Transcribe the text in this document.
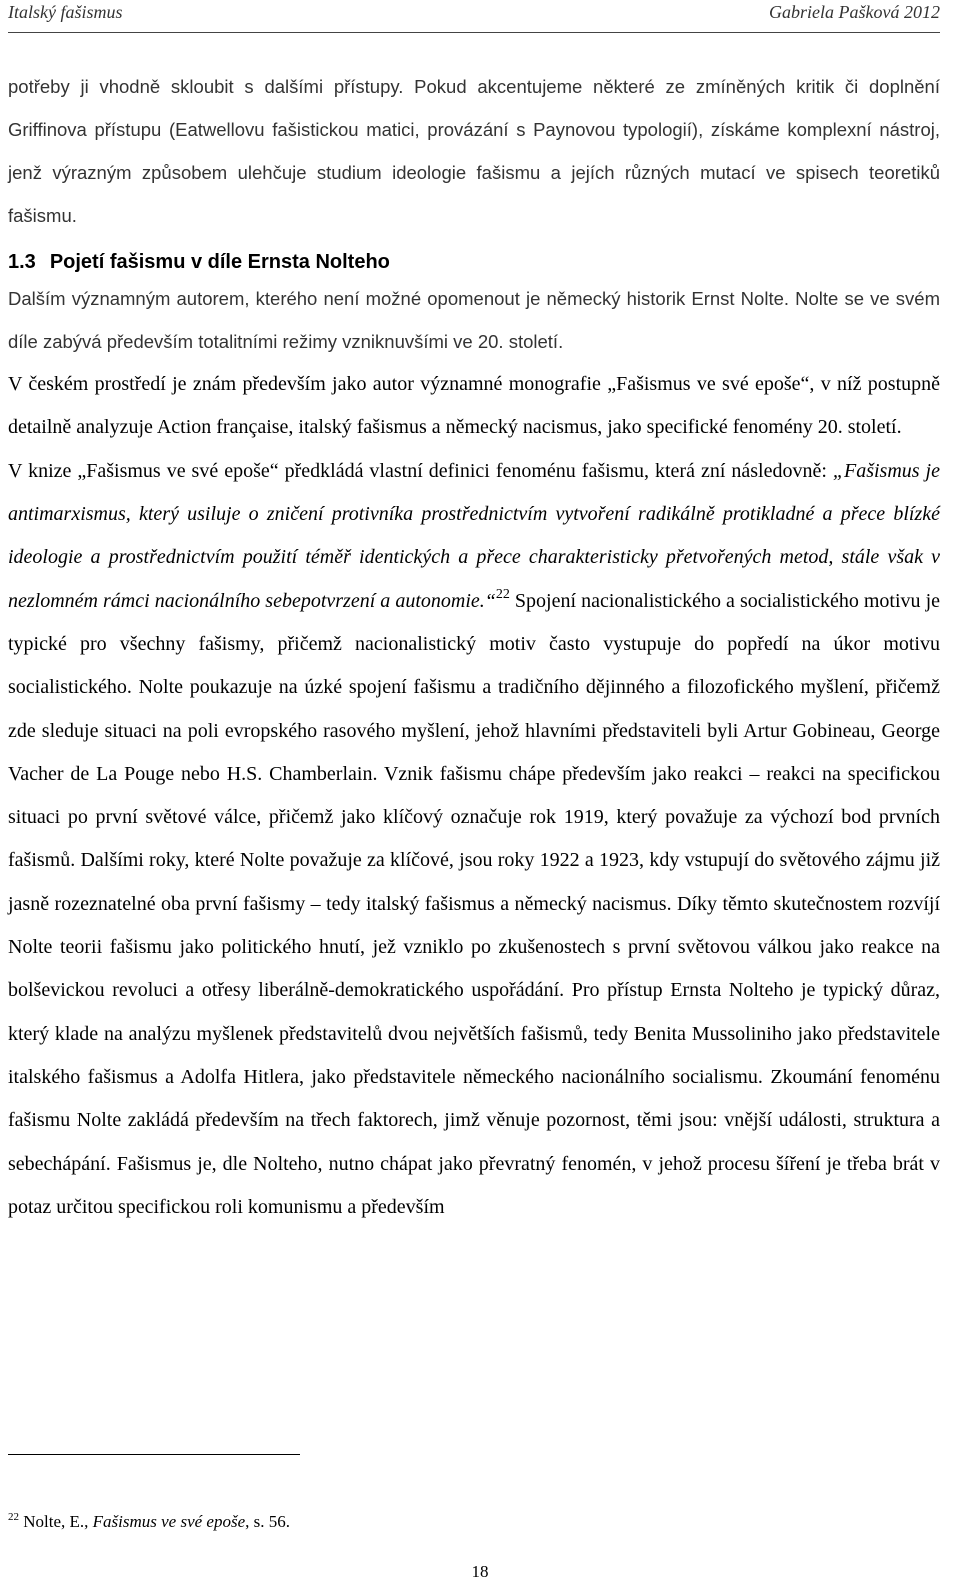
Italský fašismus	Gabriela Pašková 2012

potřeby ji vhodně skloubit s dalšími přístupy. Pokud akcentujeme některé ze zmíněných kritik či doplnění Griffinova přístupu (Eatwellovu fašistickou matici, provázání s Paynovou typologií), získáme komplexní nástroj, jenž výrazným způsobem ulehčuje studium ideologie fašismu a jejích různých mutací ve spisech teoretiků fašismu.

1.3 Pojetí fašismu v díle Ernsta Nolteho

Dalším významným autorem, kterého není možné opomenout je německý historik Ernst Nolte. Nolte se ve svém díle zabývá především totalitními režimy vzniknuvšími ve 20. století.

V českém prostředí je znám především jako autor významné monografie „Fašismus ve své epoše“, v níž postupně detailně analyzuje Action française, italský fašismus a německý nacismus, jako specifické fenomény 20. století.

V knize „Fašismus ve své epoše“ předkládá vlastní definici fenoménu fašismu, která zní následovně: „Fašismus je antimarxismus, který usiluje o zničení protivníka prostřednictvím vytvoření radikálně protikladné a přece blízké ideologie a prostřednictvím použití téměř identických a přece charakteristicky přetvořených metod, stále však v nezlomném rámci nacionálního sebepotvrzení a autonomie.“$^{22}$ Spojení nacionalistického a socialistického motivu je typické pro všechny fašismy, přičemž nacionalistický motiv často vystupuje do popředí na úkor motivu socialistického. Nolte poukazuje na úzké spojení fašismu a tradičního dějinného a filozofického myšlení, přičemž zde sleduje situaci na poli evropského rasového myšlení, jehož hlavními představiteli byli Artur Gobineau, George Vacher de La Pouge nebo H.S. Chamberlain. Vznik fašismu chápe především jako reakci – reakci na specifickou situaci po první světové válce, přičemž jako klíčový označuje rok 1919, který považuje za výchozí bod prvních fašismů. Dalšími roky, které Nolte považuje za klíčové, jsou roky 1922 a 1923, kdy vstupují do světového zájmu již jasně rozeznatelné oba první fašismy – tedy italský fašismus a německý nacismus. Díky těmto skutečnostem rozvíjí Nolte teorii fašismu jako politického hnutí, jež vzniklo po zkušenostech s první světovou válkou jako reakce na bolševickou revoluci a otřesy liberálně-demokratického uspořádání. Pro přístup Ernsta Nolteho je typický důraz, který klade na analýzu myšlenek představitelů dvou největších fašismů, tedy Benita Mussoliniho jako představitele italského fašismus a Adolfa Hitlera, jako představitele německého nacionálního socialismu. Zkoumání fenoménu fašismu Nolte zakládá především na třech faktorech, jimž věnuje pozornost, těmi jsou: vnější události, struktura a sebechápání. Fašismus je, dle Nolteho, nutno chápat jako převratný fenomén, v jehož procesu šíření je třeba brát v potaz určitou specifickou roli komunismu a především

$^{22}$ Nolte, E., Fašismus ve své epoše, s. 56.
18
